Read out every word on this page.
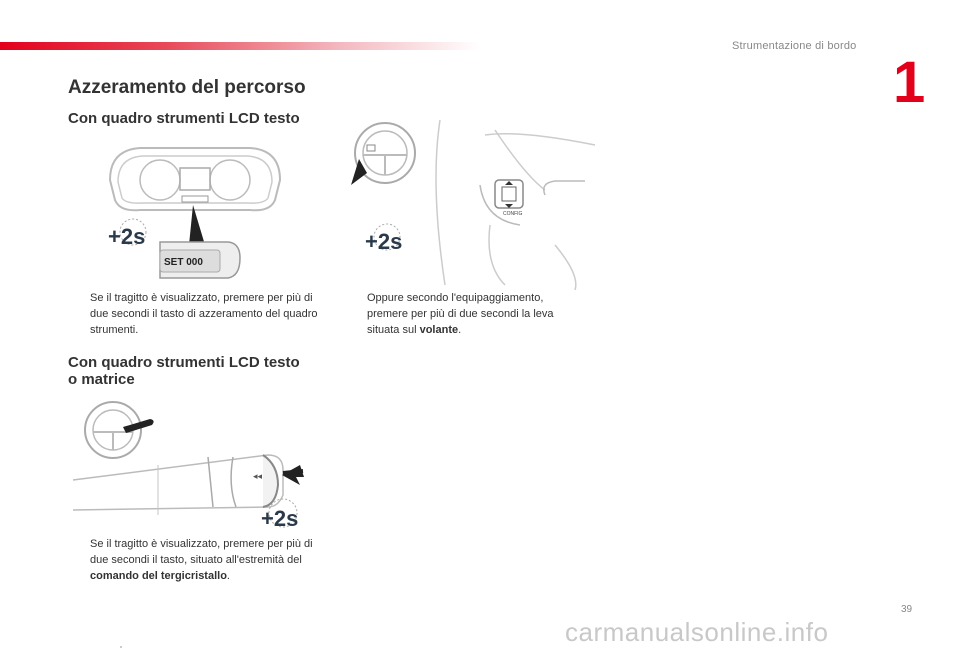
Strumentazione di bordo
1
Azzeramento del percorso
Con quadro strumenti LCD testo
SET 000
+2s
CONFIG
+2s
Se il tragitto è visualizzato, premere per più di due secondi il tasto di azzeramento del quadro strumenti.
Oppure secondo l'equipaggiamento, premere per più di due secondi la leva situata sul volante.
Con quadro strumenti LCD testo
o matrice
◂◂
+2s
Se il tragitto è visualizzato, premere per più di due secondi il tasto, situato all'estremità del comando del tergicristallo.
39
carmanualsonline.info
